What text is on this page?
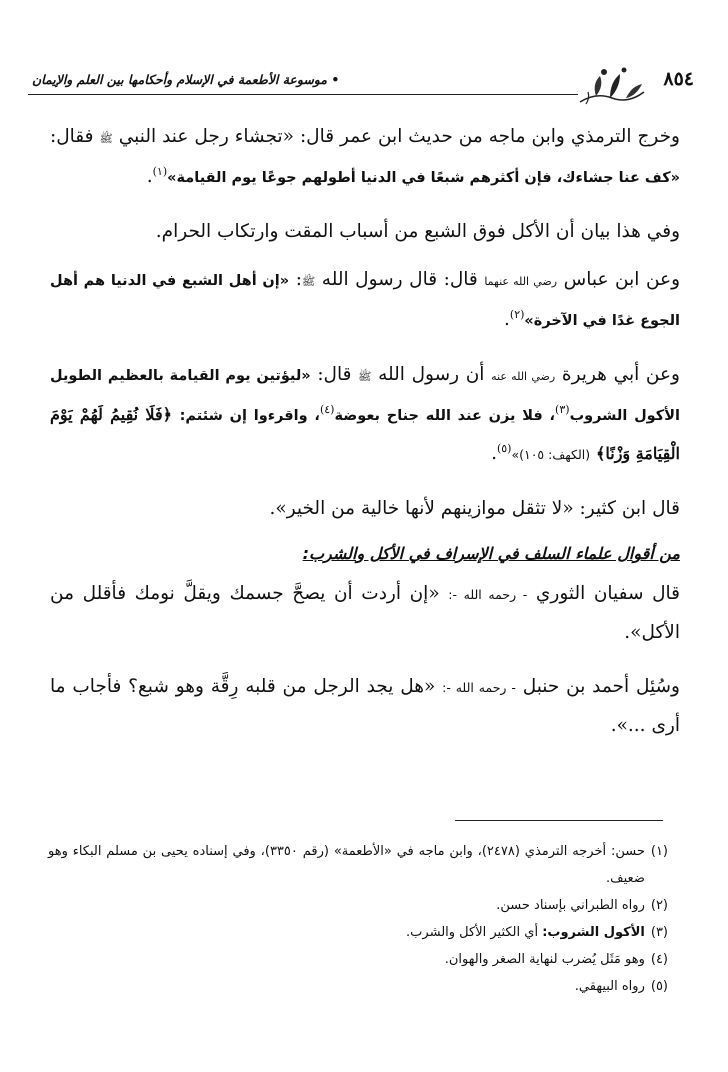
٨٥٤
• موسوعة الأطعمة في الإسلام وأحكامها بين العلم والإيمان

وخرج الترمذي وابن ماجه من حديث ابن عمر قال: «تجشاء رجل عند النبي ﷺ فقال: «كف عنا جشاءك، فإن أكثرهم شبعًا في الدنيا أطولهم جوعًا يوم القيامة»$^{(١)}$.

وفي هذا بيان أن الأكل فوق الشبع من أسباب المقت وارتكاب الحرام.

وعن ابن عباس رضي الله عنهما قال: قال رسول الله ﷺ: «إن أهل الشبع في الدنيا هم أهل الجوع غدًا في الآخرة»$^{(٢)}$.

وعن أبي هريرة رضي الله عنه أن رسول الله ﷺ قال: «ليؤتين يوم القيامة بالعظيم الطويل الأكول الشروب$^{(٣)}$، فلا يزن عند الله جناح بعوضة$^{(٤)}$، واقرءوا إن شئتم: ﴿فَلَا نُقِيمُ لَهُمْ يَوْمَ الْقِيَامَةِ وَزْنًا﴾ (الكهف: ١٠٥)»$^{(٥)}$.

قال ابن كثير: «لا تثقل موازينهم لأنها خالية من الخير».

من أقوال علماء السلف في الإسراف في الأكل والشرب:

قال سفيان الثوري - رحمه الله -: «إن أردت أن يصحَّ جسمك ويقلَّ نومك فأقلل من الأكل».

وسُئِل أحمد بن حنبل - رحمه الله -: «هل يجد الرجل من قلبه رِقَّة وهو شبع؟ فأجاب ما أرى ...».

(١)
حسن: أخرجه الترمذي (٢٤٧٨)، وابن ماجه في «الأطعمة» (رقم ٣٣٥٠)، وفي إسناده يحيى بن مسلم البكاء وهو ضعيف.
(٢)
رواه الطبراني بإسناد حسن.
(٣)
الأكول الشروب: أي الكثير الأكل والشرب.
(٤)
وهو مَثَل يُضرب لنهاية الصغر والهوان.
(٥)
رواه البيهقي.
